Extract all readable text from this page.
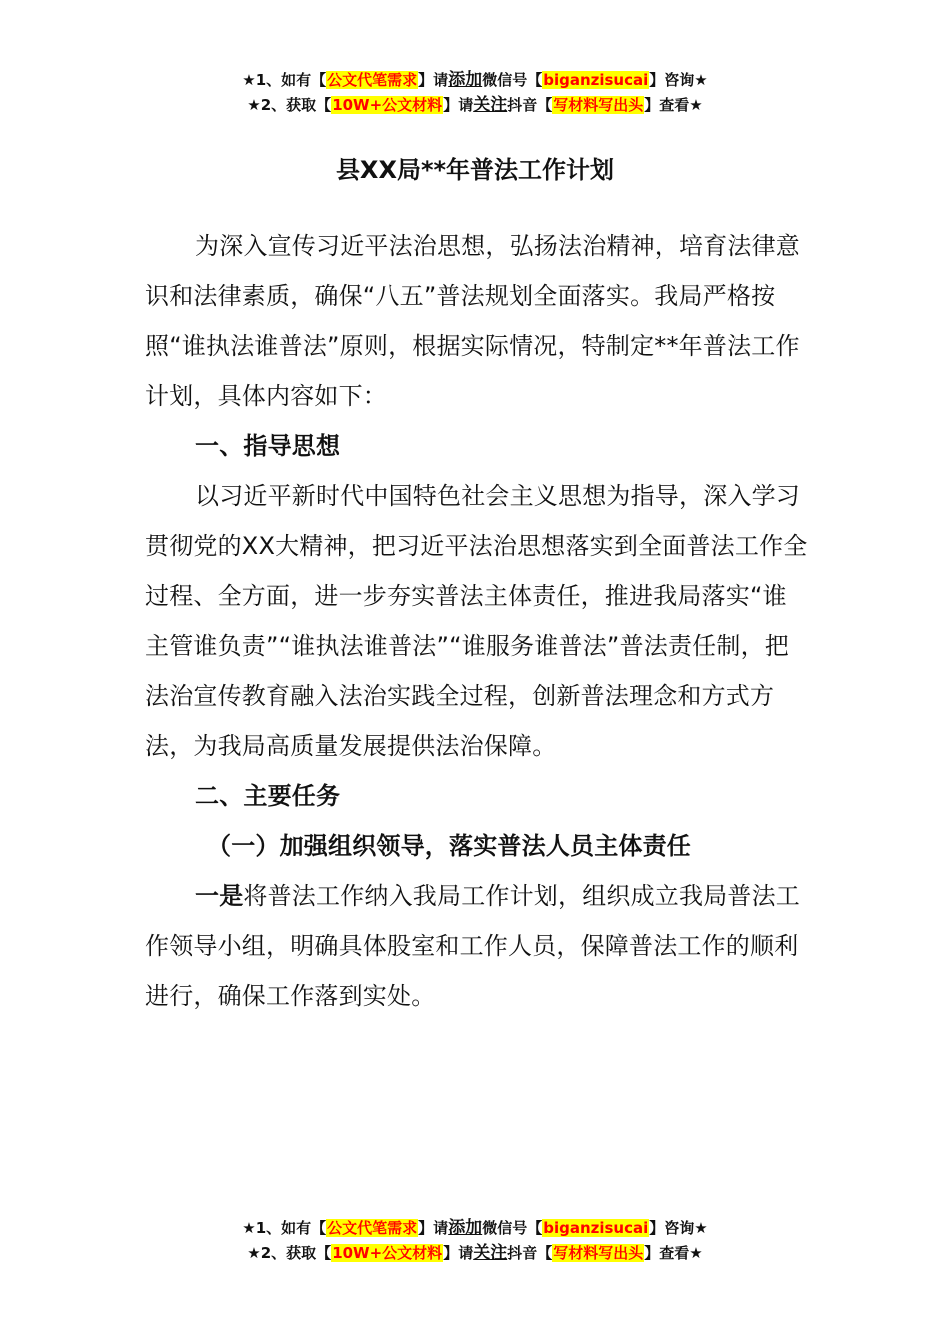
★1、如有【公文代笔需求】请添加微信号【biganzisucai】咨询★
★2、获取【10W+公文材料】请关注抖音【写材料写出头】查看★
县XX局**年普法工作计划

为深入宣传习近平法治思想，弘扬法治精神，培育法律意识和法律素质，确保“八五”普法规划全面落实。我局严格按照“谁执法谁普法”原则，根据实际情况，特制定**年普法工作计划，具体内容如下：

一、指导思想

以习近平新时代中国特色社会主义思想为指导，深入学习贯彻党的XX大精神，把习近平法治思想落实到全面普法工作全过程、全方面，进一步夯实普法主体责任，推进我局落实“谁主管谁负责”“谁执法谁普法”“谁服务谁普法”普法责任制，把法治宣传教育融入法治实践全过程，创新普法理念和方式方法，为我局高质量发展提供法治保障。

二、主要任务

（一）加强组织领导，落实普法人员主体责任

一是将普法工作纳入我局工作计划，组织成立我局普法工作领导小组，明确具体股室和工作人员，保障普法工作的顺利进行，确保工作落到实处。

★1、如有【公文代笔需求】请添加微信号【biganzisucai】咨询★
★2、获取【10W+公文材料】请关注抖音【写材料写出头】查看★
